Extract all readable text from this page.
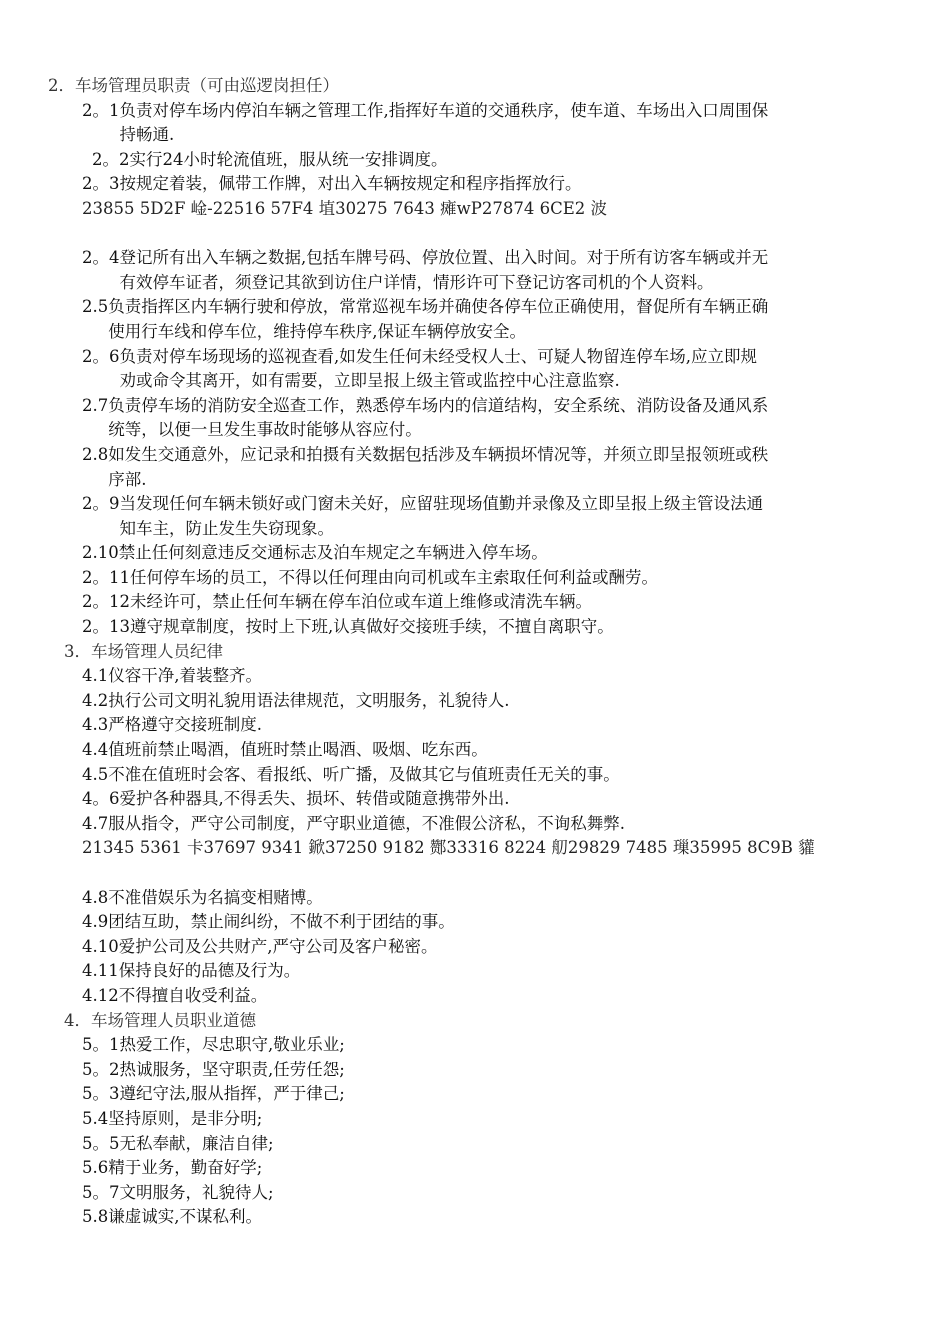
2．车场管理员职责（可由巡逻岗担任）
2。1 负责对停车场内停泊车辆之管理工作,指挥好车道的交通秩序，使车道、车场出入口周围保
持畅通.
2。2 实行24小时轮流值班，服从统一安排调度。
2。3 按规定着装，佩带工作牌，对出入车辆按规定和程序指挥放行。
23855 5D2F 崯-22516 57F4 埴30275 7643 瘫wP27874 6CE2 波
2。4 登记所有出入车辆之数据,包括车牌号码、停放位置、出入时间。对于所有访客车辆或并无
有效停车证者，须登记其欲到访住户详情，情形许可下登记访客司机的个人资料。
2.5 负责指挥区内车辆行驶和停放，常常巡视车场并确使各停车位正确使用，督促所有车辆正确
使用行车线和停车位，维持停车秩序,保证车辆停放安全。
2。6 负责对停车场现场的巡视查看,如发生任何未经受权人士、可疑人物留连停车场,应立即规
劝或命令其离开，如有需要，立即呈报上级主管或监控中心注意监察.
2.7 负责停车场的消防安全巡查工作，熟悉停车场内的信道结构，安全系统、消防设备及通风系
统等，以便一旦发生事故时能够从容应付。
2.8 如发生交通意外，应记录和拍摄有关数据包括涉及车辆损坏情况等，并须立即呈报领班或秩
序部.
2。9 当发现任何车辆未锁好或门窗未关好，应留驻现场值勤并录像及立即呈报上级主管设法通
知车主，防止发生失窃现象。
2.10 禁止任何刻意违反交通标志及泊车规定之车辆进入停车场。
2。11 任何停车场的员工，不得以任何理由向司机或车主索取任何利益或酬劳。
2。12 未经许可，禁止任何车辆在停车泊位或车道上维修或清洗车辆。
2。13 遵守规章制度，按时上下班,认真做好交接班手续，不擅自离职守。
3．车场管理人员纪律
4.1 仪容干净,着装整齐。
4.2 执行公司文明礼貌用语法律规范，文明服务，礼貌待人.
4.3 严格遵守交接班制度.
4.4 值班前禁止喝酒，值班时禁止喝酒、吸烟、吃东西。
4.5 不准在值班时会客、看报纸、听广播，及做其它与值班责任无关的事。
4。6 爱护各种器具,不得丢失、损坏、转借或随意携带外出.
4.7 服从指令，严守公司制度，严守职业道德，不准假公济私，不询私舞弊.
21345 5361 卡37697 9341 鍁37250 9182 酂33316 8224 舠29829 7485 璅35995 8C9B 貛
4.8 不准借娱乐为名搞变相赌博。
4.9 团结互助，禁止闹纠纷，不做不利于团结的事。
4.10 爱护公司及公共财产,严守公司及客户秘密。
4.11 保持良好的品德及行为。
4.12 不得擅自收受利益。
4．车场管理人员职业道德
5。1 热爱工作，尽忠职守,敬业乐业;
5。2 热诚服务，坚守职责,任劳任怨;
5。3 遵纪守法,服从指挥，严于律己;
5.4 坚持原则，是非分明;
5。5 无私奉献，廉洁自律;
5.6 精于业务，勤奋好学;
5。7 文明服务，礼貌待人;
5.8 谦虚诚实,不谋私利。
